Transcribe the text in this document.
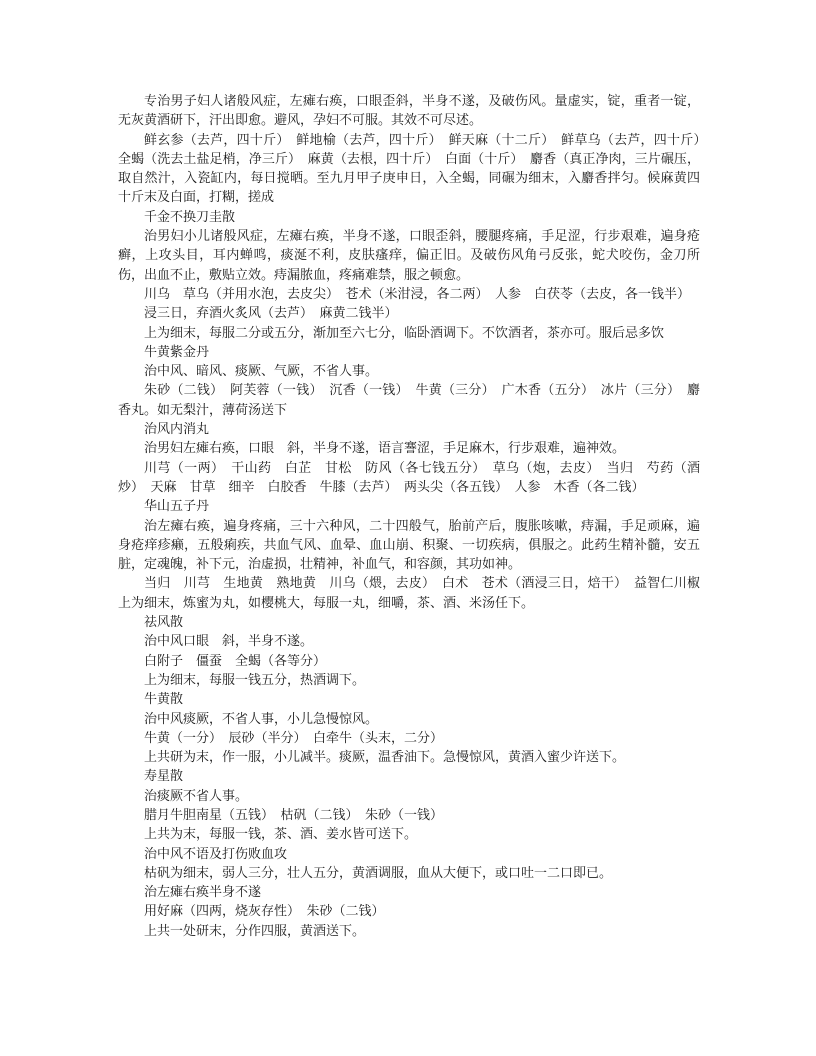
专治男子妇人诸般风症，左瘫右痪，口眼歪斜，半身不遂，及破伤风。量虚实，锭，重者一锭，无灰黄酒研下，汗出即愈。避风，孕妇不可服。其效不可尽述。

鲜玄参（去芦，四十斤）　鲜地榆（去芦，四十斤）　鲜天麻（十二斤）　鲜草乌（去芦，四十斤）　全蝎（洗去土盐足梢，净三斤）　麻黄（去根，四十斤）　白面（十斤）　麝香（真正净肉，三片碾压，取自然汁，入瓷缸内，每日搅晒。至九月甲子庚申日，入全蝎，同碾为细末，入麝香拌匀。候麻黄四十斤末及白面，打糊，搓成

千金不换刀圭散

治男妇小儿诸般风症，左瘫右痪，半身不遂，口眼歪斜，腰腿疼痛，手足涩，行步艰难，遍身疮癣，上攻头目，耳内蝉鸣，痰涎不利，皮肤瘙痒，偏正旧。及破伤风角弓反张，蛇犬咬伤，金刀所伤，出血不止，敷贴立效。痔漏脓血，疼痛难禁，服之顿愈。

川乌　草乌（并用水泡，去皮尖）　苍术（米泔浸，各二两）　人参　白茯苓（去皮，各一钱半）

浸三日，弃酒火炙风（去芦）　麻黄二钱半）

上为细末，每服二分或五分，渐加至六七分，临卧酒调下。不饮酒者，茶亦可。服后忌多饮

牛黄紫金丹

治中风、暗风、痰厥、气厥，不省人事。

朱砂（二钱）　阿芙蓉（一钱）　沉香（一钱）　牛黄（三分）　广木香（五分）　冰片（三分）　麝香丸。如无梨汁，薄荷汤送下

治风内消丸

治男妇左瘫右痪，口眼　斜，半身不遂，语言謇涩，手足麻木，行步艰难，遍神效。

川芎（一两）　干山药　白芷　甘松　防风（各七钱五分）　草乌（炮，去皮）　当归　芍药（酒炒）　天麻　甘草　细辛　白胶香　牛膝（去芦）　两头尖（各五钱）　人参　木香（各二钱）

华山五子丹

治左瘫右痪，遍身疼痛，三十六种风，二十四般气，胎前产后，腹胀咳嗽，痔漏，手足顽麻，遍身疮痒疹癞，五般痢疾，共血气风、血晕、血山崩、积聚、一切疾病，俱服之。此药生精补髓，安五脏，定魂魄，补下元，治虚损，壮精神，补血气，和容颜，其功如神。

当归　川芎　生地黄　熟地黄　川乌（煨，去皮）　白术　苍术（酒浸三日，焙干）　益智仁川椒上为细末，炼蜜为丸，如樱桃大，每服一丸，细嚼，茶、酒、米汤任下。

祛风散

治中风口眼　斜，半身不遂。

白附子　僵蚕　全蝎（各等分）

上为细末，每服一钱五分，热酒调下。

牛黄散

治中风痰厥，不省人事，小儿急慢惊风。

牛黄（一分）　辰砂（半分）　白牵牛（头末，二分）

上共研为末，作一服，小儿减半。痰厥，温香油下。急慢惊风，黄酒入蜜少许送下。

寿星散

治痰厥不省人事。

腊月牛胆南星（五钱）　枯矾（二钱）　朱砂（一钱）

上共为末，每服一钱，茶、酒、姜水皆可送下。

治中风不语及打伤败血攻

枯矾为细末，弱人三分，壮人五分，黄酒调服，血从大便下，或口吐一二口即已。

治左瘫右痪半身不遂

用好麻（四两，烧灰存性）　朱砂（二钱）

上共一处研末，分作四服，黄酒送下。
